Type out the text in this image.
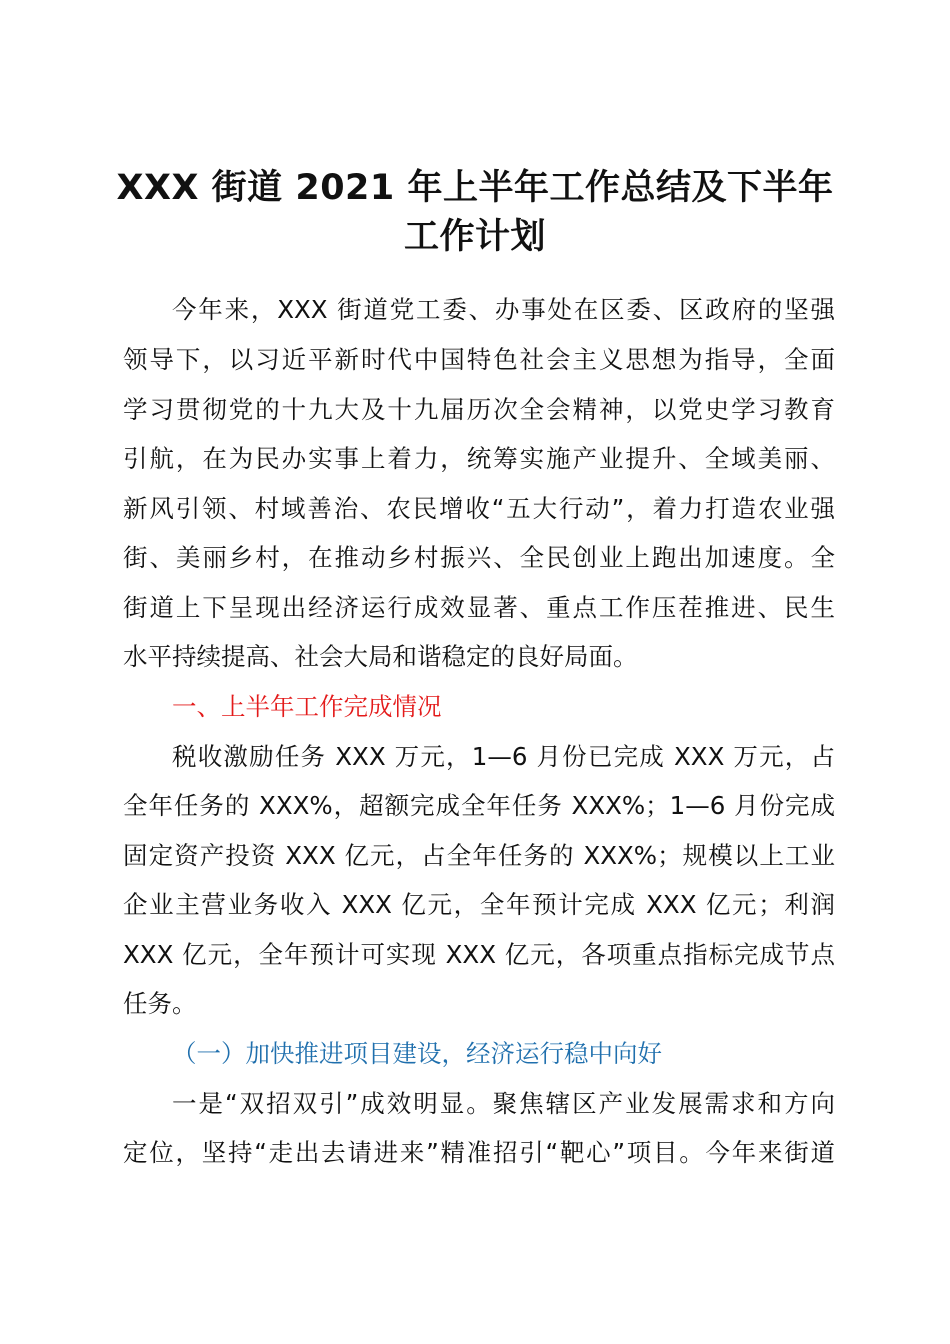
XXX 街道 2021 年上半年工作总结及下半年
工作计划
今年来，XXX 街道党工委、办事处在区委、区政府的坚强
领导下，以习近平新时代中国特色社会主义思想为指导，全面
学习贯彻党的十九大及十九届历次全会精神，以党史学习教育
引航，在为民办实事上着力，统筹实施产业提升、全域美丽、
新风引领、村域善治、农民增收“五大行动”，着力打造农业强
街、美丽乡村，在推动乡村振兴、全民创业上跑出加速度。全
街道上下呈现出经济运行成效显著、重点工作压茬推进、民生
水平持续提高、社会大局和谐稳定的良好局面。
一、上半年工作完成情况
税收激励任务 XXX 万元，1—6 月份已完成 XXX 万元，占
全年任务的 XXX%，超额完成全年任务 XXX%；1—6 月份完成
固定资产投资 XXX 亿元，占全年任务的 XXX%；规模以上工业
企业主营业务收入 XXX 亿元，全年预计完成 XXX 亿元；利润
XXX 亿元，全年预计可实现 XXX 亿元，各项重点指标完成节点
任务。
（一）加快推进项目建设，经济运行稳中向好
一是“双招双引”成效明显。聚焦辖区产业发展需求和方向
定位，坚持“走出去请进来”精准招引“靶心”项目。今年来街道
